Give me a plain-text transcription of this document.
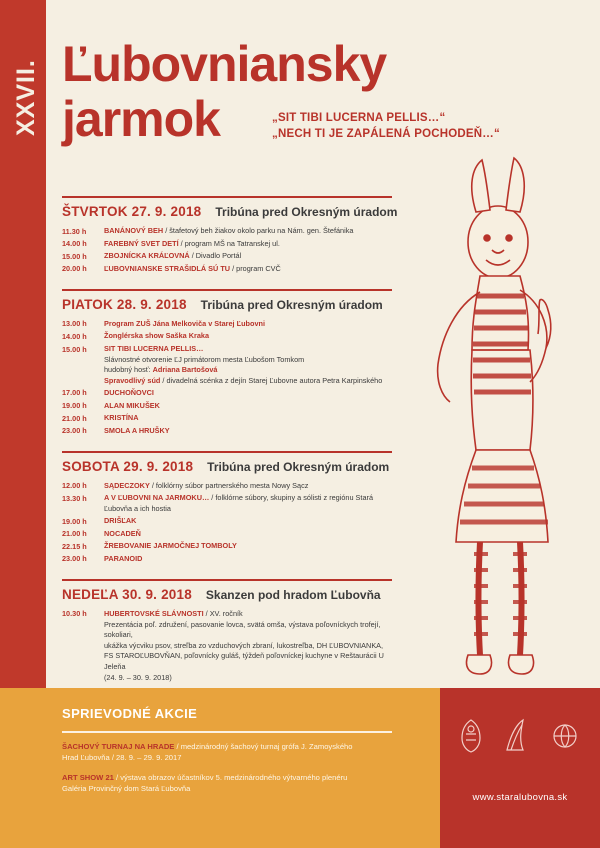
XXVII. Ľubovniansky
jarmok	„SIT TIBI LUCERNA PELLIS…“
„NECH TI JE ZAPÁLENÁ POCHODEŇ…“
ŠTVRTOK 27. 9. 2018 Tribúna pred Okresným úradom
11.30 h	BANÁNOVÝ BEH / štafetový beh žiakov okolo parku na Nám. gen. Štefánika
14.00 h	FAREBNÝ SVET DETÍ / program MŠ na Tatranskej ul.
15.00 h	ZBOJNÍCKA KRÁĽOVNÁ / Divadlo Portál
20.00 h	ĽUBOVNIANSKE STRAŠIDLÁ SÚ TU / program CVČ
PIATOK 28. 9. 2018 Tribúna pred Okresným úradom
13.00 h	Program ZUŠ Jána Melkoviča v Starej Ľubovni
14.00 h	Žonglérska show Saška Kraka
15.00 h	SIT TIBI LUCERNA PELLIS…
Slávnostné otvorenie ĽJ primátorom mesta Ľubošom Tomkom
hudobný hosť: Adriana Bartošová
Spravodlivý súd / divadelná scénka z dejín Starej Ľubovne autora Petra Karpinského
17.00 h	DUCHOŇOVCI
19.00 h	ALAN MIKUŠEK
21.00 h	KRISTÍNA
23.00 h	SMOLA A HRUŠKY
SOBOTA 29. 9. 2018 Tribúna pred Okresným úradom
12.00 h	SĄDECZOKY / folklórny súbor partnerského mesta Nowy Sącz
13.30 h	A V ĽUBOVNI NA JARMOKU… / folklórne súbory, skupiny a sólisti z regiónu Stará Ľubovňa a ich hostia
19.00 h	DRIŠĽAK
21.00 h	NOCADEŇ
22.15 h	ŽREBOVANIE JARMOČNEJ TOMBOLY
23.00 h	PARANOID
NEDEĽA 30. 9. 2018 Skanzen pod hradom Ľubovňa
10.30 h	HUBERTOVSKÉ SLÁVNOSTI / XV. ročník
Prezentácia poľ. združení, pasovanie lovca, svätá omša, výstava poľovníckych trofejí, sokoliari,
ukážka výcviku psov, streľba zo vzduchových zbraní, lukostreľba, DH ĽUBOVNIANKA,
FS STAROĽUBOVŇAN, poľovnícky guláš, týždeň poľovníckej kuchyne v Reštaurácii U Jeleňa
(24. 9. – 30. 9. 2018)
SPRIEVODNÉ AKCIE
ŠACHOVÝ TURNAJ NA HRADE / medzinárodný šachový turnaj grófa J. Zamoyského
Hrad Ľubovňa / 28. 9. – 29. 9. 2017
ART SHOW 21 / výstava obrazov účastníkov 5. medzinárodného výtvarného plenéru
Galéria Provinčný dom Stará Ľubovňa
www.staralubovna.sk
